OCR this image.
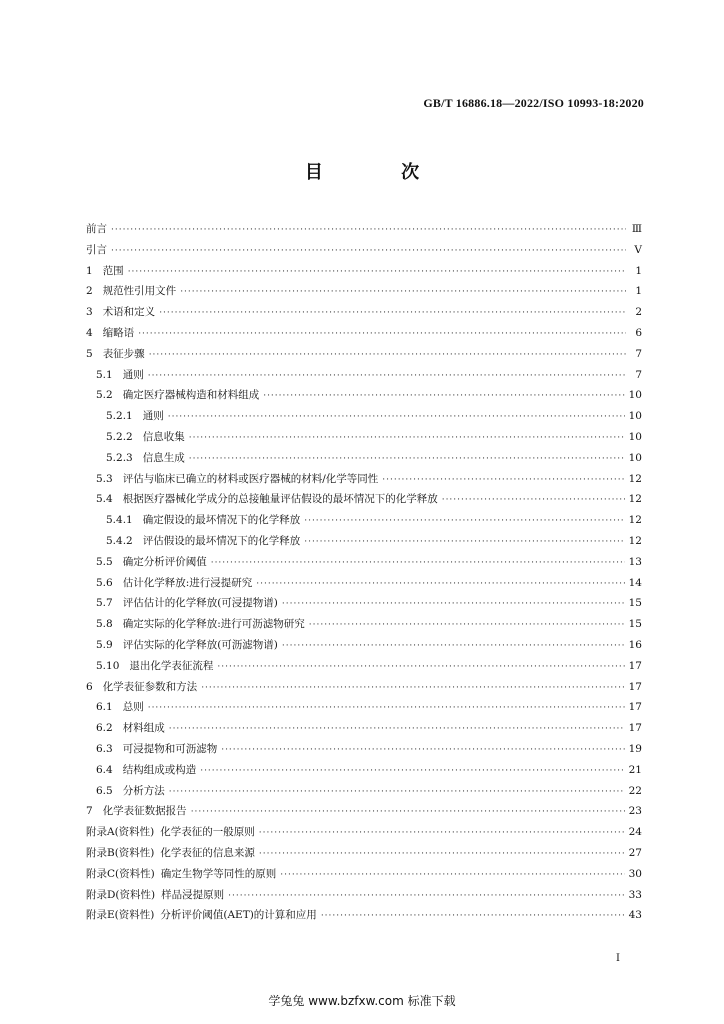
GB/T 16886.18—2022/ISO 10993-18:2020
目 次
前言 ·····	Ⅲ
引言 ·····	Ⅴ
1 范围 ·····	1
2 规范性引用文件 ·····	1
3 术语和定义 ·····	2
4 缩略语 ·····	6
5 表征步骤 ·····	7
5.1 通则 ·····	7
5.2 确定医疗器械构造和材料组成 ·····	10
5.2.1 通则 ·····	10
5.2.2 信息收集 ·····	10
5.2.3 信息生成 ·····	10
5.3 评估与临床已确立的材料或医疗器械的材料/化学等同性 ·····	12
5.4 根据医疗器械化学成分的总接触量评估假设的最坏情况下的化学释放 ·····	12
5.4.1 确定假设的最坏情况下的化学释放 ·····	12
5.4.2 评估假设的最坏情况下的化学释放 ·····	12
5.5 确定分析评价阈值 ·····	13
5.6 估计化学释放:进行浸提研究 ·····	14
5.7 评估估计的化学释放(可浸提物谱) ·····	15
5.8 确定实际的化学释放:进行可沥滤物研究 ·····	15
5.9 评估实际的化学释放(可沥滤物谱) ·····	16
5.10 退出化学表征流程 ·····	17
6 化学表征参数和方法 ·····	17
6.1 总则 ·····	17
6.2 材料组成 ·····	17
6.3 可浸提物和可沥滤物 ·····	19
6.4 结构组成或构造 ·····	21
6.5 分析方法 ·····	22
7 化学表征数据报告 ·····	23
附录A(资料性) 化学表征的一般原则 ·····	24
附录B(资料性) 化学表征的信息来源 ·····	27
附录C(资料性) 确定生物学等同性的原则 ·····	30
附录D(资料性) 样品浸提原则 ·····	33
附录E(资料性) 分析评价阈值(AET)的计算和应用 ·····	43
Ⅰ
学兔兔 www.bzfxw.com 标准下载
